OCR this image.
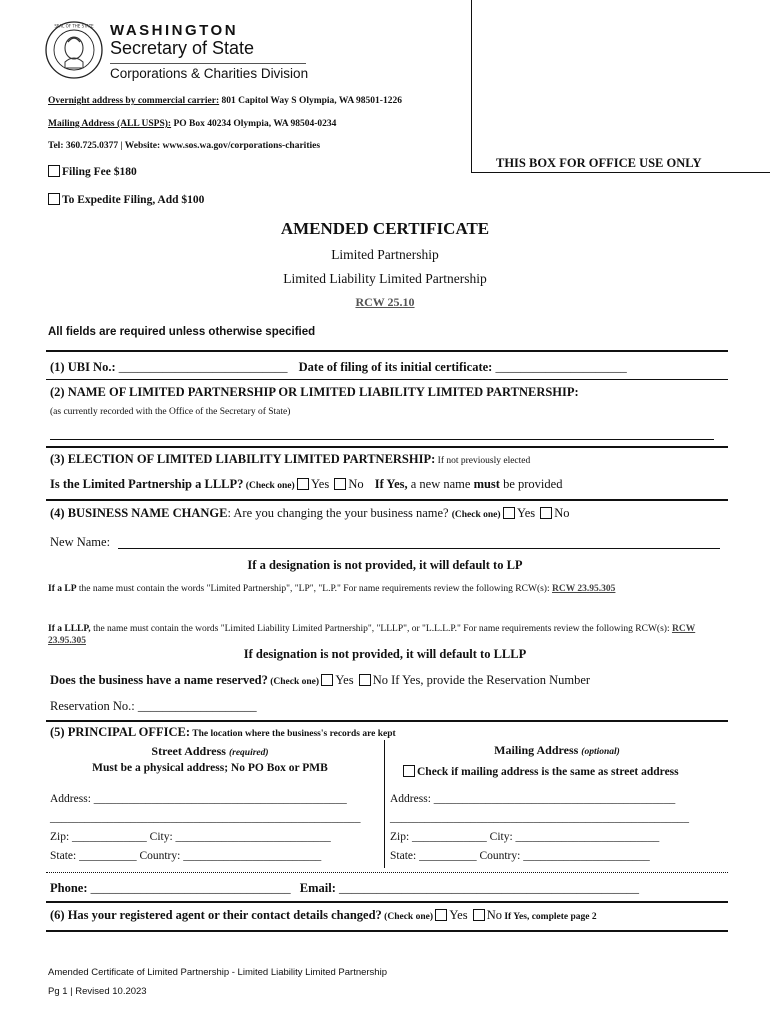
SEAL OF THE STATE WASHINGTON
Secretary of State
Corporations & Charities Division
Overnight address by commercial carrier: 801 Capitol Way S Olympia, WA 98501-1226
Mailing Address (ALL USPS): PO Box 40234 Olympia, WA 98504-0234
Tel: 360.725.0377 | Website: www.sos.wa.gov/corporations-charities
THIS BOX FOR OFFICE USE ONLY
Filing Fee $180
To Expedite Filing, Add $100
AMENDED CERTIFICATE
Limited Partnership
Limited Liability Limited Partnership
RCW 25.10
All fields are required unless otherwise specified
(1) UBI No.: ___________________________ Date of filing of its initial certificate: _____________________
(2) NAME OF LIMITED PARTNERSHIP OR LIMITED LIABILITY LIMITED PARTNERSHIP:
(as currently recorded with the Office of the Secretary of State)
(3) ELECTION OF LIMITED LIABILITY LIMITED PARTNERSHIP: If not previously elected
Is the Limited Partnership a LLLP? (Check one) Yes No If Yes, a new name must be provided
(4) BUSINESS NAME CHANGE: Are you changing the your business name? (Check one) Yes No
New Name:
If a designation is not provided, it will default to LP
If a LP the name must contain the words "Limited Partnership", "LP", "L.P." For name requirements review the following RCW(s): RCW 23.95.305
If a LLLP, the name must contain the words "Limited Liability Limited Partnership", "LLLP", or "L.L.L.P." For name requirements review the following RCW(s): RCW 23.95.305
If designation is not provided, it will default to LLLP
Does the business have a name reserved? (Check one) Yes No If Yes, provide the Reservation Number
Reservation No.: ___________________
(5) PRINCIPAL OFFICE: The location where the business's records are kept
Street Address (required)
Must be a physical address; No PO Box or PMB
Mailing Address (optional)
Check if mailing address is the same as street address
Address: ____________________________________________
______________________________________________________
Zip: _____________ City: ___________________________
State: __________ Country: ________________________
Address: __________________________________________
____________________________________________________
Zip: _____________ City: _________________________
State: __________ Country: ______________________
Phone: ________________________________ Email: ________________________________________________
(6) Has your registered agent or their contact details changed? (Check one) Yes No If Yes, complete page 2
Amended Certificate of Limited Partnership - Limited Liability Limited Partnership
Pg 1 | Revised 10.2023
